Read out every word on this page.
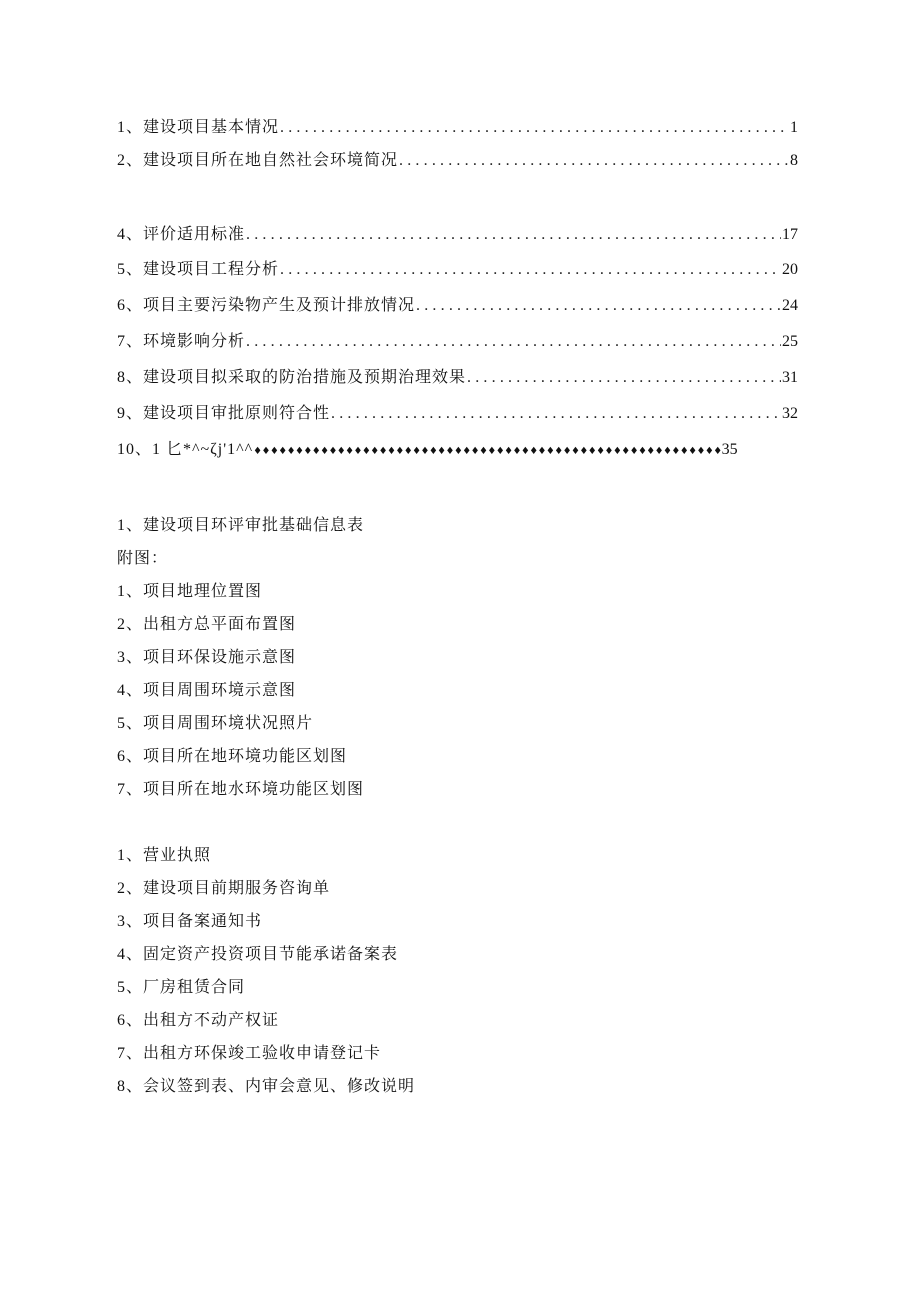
1、 建设项目基本情况 .....	1
2、 建设项目所在地自然社会环境简况 .....	8
4、 评价适用标准 .....	17
5、 建设项目工程分析 .....	20
6、 项目主要污染物产生及预计排放情况 .....	24
7、 环境影响分析 .....	25
8、 建设项目拟采取的防治措施及预期治理效果 .....	31
9、 建设项目审批原则符合性 .....	32
10、 1 匕*^~ζj'1^^ ♦♦♦♦♦♦♦♦♦♦♦♦♦♦♦♦♦♦♦♦♦♦♦♦♦♦♦♦♦♦♦♦♦♦♦♦♦♦♦♦♦♦♦♦♦♦♦♦♦♦♦♦♦♦♦♦ 35
1、建设项目环评审批基础信息表
附图：
1、项目地理位置图
2、出租方总平面布置图
3、项目环保设施示意图
4、项目周围环境示意图
5、项目周围环境状况照片
6、项目所在地环境功能区划图
7、项目所在地水环境功能区划图
1、营业执照
2、建设项目前期服务咨询单
3、项目备案通知书
4、固定资产投资项目节能承诺备案表
5、厂房租赁合同
6、出租方不动产权证
7、出租方环保竣工验收申请登记卡
8、会议签到表、内审会意见、修改说明
